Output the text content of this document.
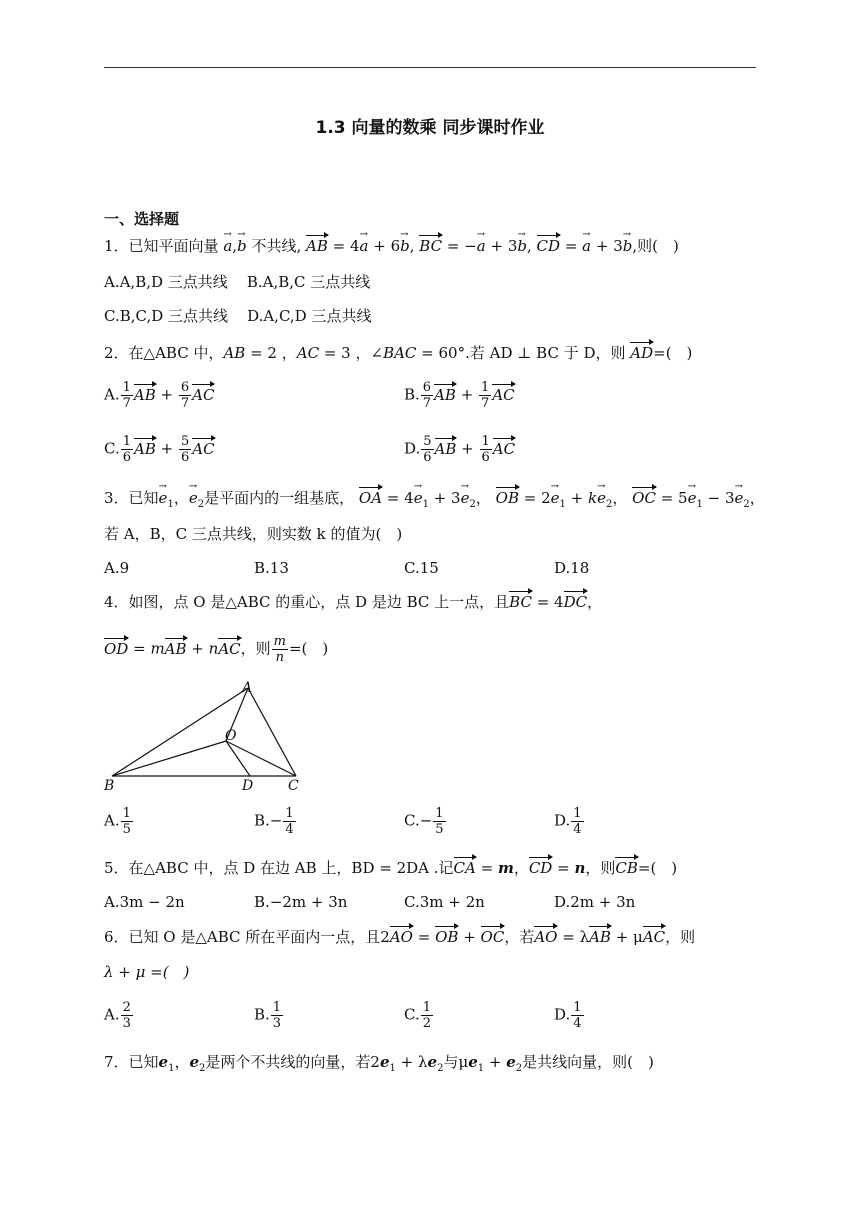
1.3 向量的数乘 同步课时作业
一、选择题
1．已知平面向量 → a,→ b 不共线, AB = 4→ a + 6→ b, BC = −→ a + 3→ b, CD = → a + 3→ b,则(　)
A.A,B,D 三点共线 B.A,B,C 三点共线
C.B,C,D 三点共线 D.A,C,D 三点共线
2．在△ABC 中，AB = 2 ，AC = 3 ，∠BAC = 60°.若 AD ⊥ BC 于 D，则 AD=(　)
A. $\frac{1}{7}$ AB + $\frac{6}{7}$ AC	B. $\frac{6}{7}$ AB + $\frac{1}{7}$ AC
C. $\frac{1}{6}$ AB + $\frac{5}{6}$ AC	D. $\frac{5}{6}$ AB + $\frac{1}{6}$ AC
3．已知→ $e_1$，→ $e_2$是平面内的一组基底， OA = $4\to e_1 + 3\to e_2$， OB = $2\to e_1 + k\to e_2$， OC = $5\to e_1 - 3\to e_2$，
若 A，B，C 三点共线，则实数 k 的值为(　)
A.9	B.13	C.15	D.18
4．如图，点 O 是△ABC 的重心，点 D 是边 BC 上一点，且BC = 4DC，
OD = mAB + nAC，则 $\frac{m}{n}$ =(　)
A
B	C
D
O
A. $\frac{1}{5}$	$B.- \frac{1}{4}$	$C.- \frac{1}{5}$	D. $\frac{1}{4}$
5．在△ABC 中，点 D 在边 AB 上，BD = 2DA .记CA = m，CD = n，则CB=(　)
A.3m − 2n	B.−2m + 3n	C.3m + 2n	D.2m + 3n
6．已知 O 是△ABC 所在平面内一点，且2AO = OB + OC，若AO = λAB + μAC，则
λ + μ =(　)
A. $\frac{2}{3}$	B. $\frac{1}{3}$	C. $\frac{1}{2}$	D. $\frac{1}{4}$
7．已知$e_1$，$e_2$是两个不共线的向量，若$2e_1 + \lambda e_2$与$\mu e_1 + e_2$是共线向量，则(　)
